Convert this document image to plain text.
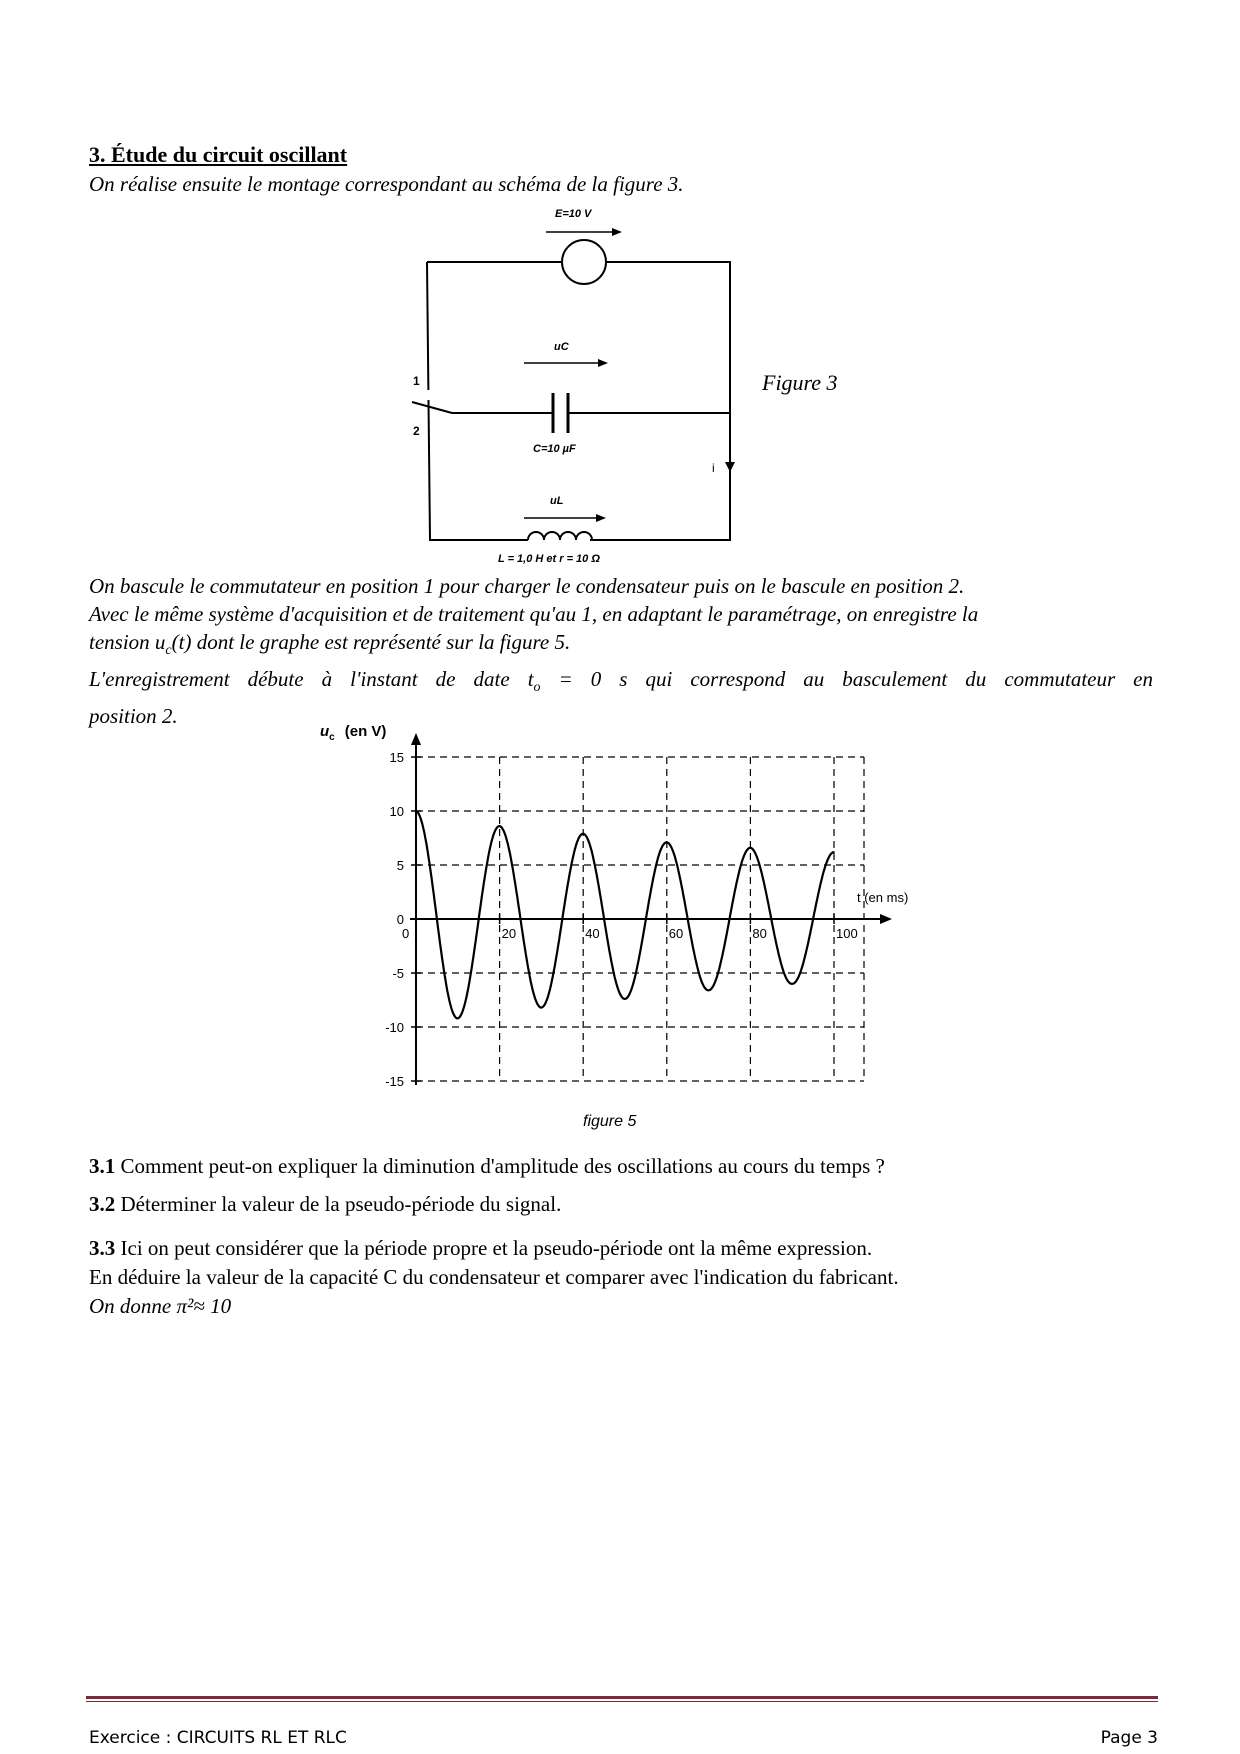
3. Étude du circuit oscillant
On réalise ensuite le montage correspondant au schéma de la figure 3.
E=10 V
1
2
uC
C=10 µF
i
uL
L = 1,0 H et r = 10 Ω
Figure 3
On bascule le commutateur en position 1 pour charger le condensateur puis on le bascule en position 2.
Avec le même système d'acquisition et de traitement qu'au 1, en adaptant le paramétrage, on enregistre la
tension $u_c(t)$ dont le graphe est représenté sur la figure 5.
L'enregistrement débute à l'instant de date $t_o = 0$ s qui correspond au basculement du commutateur en
position 2.
15
10
5
0
-5
-10
-15
0	20	40	60	80	100
$u_c$ (en V)
t (en ms)
figure 5
3.1 Comment peut-on expliquer la diminution d'amplitude des oscillations au cours du temps ?
3.2 Déterminer la valeur de la pseudo-période du signal.
3.3 Ici on peut considérer que la période propre et la pseudo-période ont la même expression.
En déduire la valeur de la capacité C du condensateur et comparer avec l'indication du fabricant.
On donne π²≈ 10
Exercice : CIRCUITS RL ET RLC	Page 3
